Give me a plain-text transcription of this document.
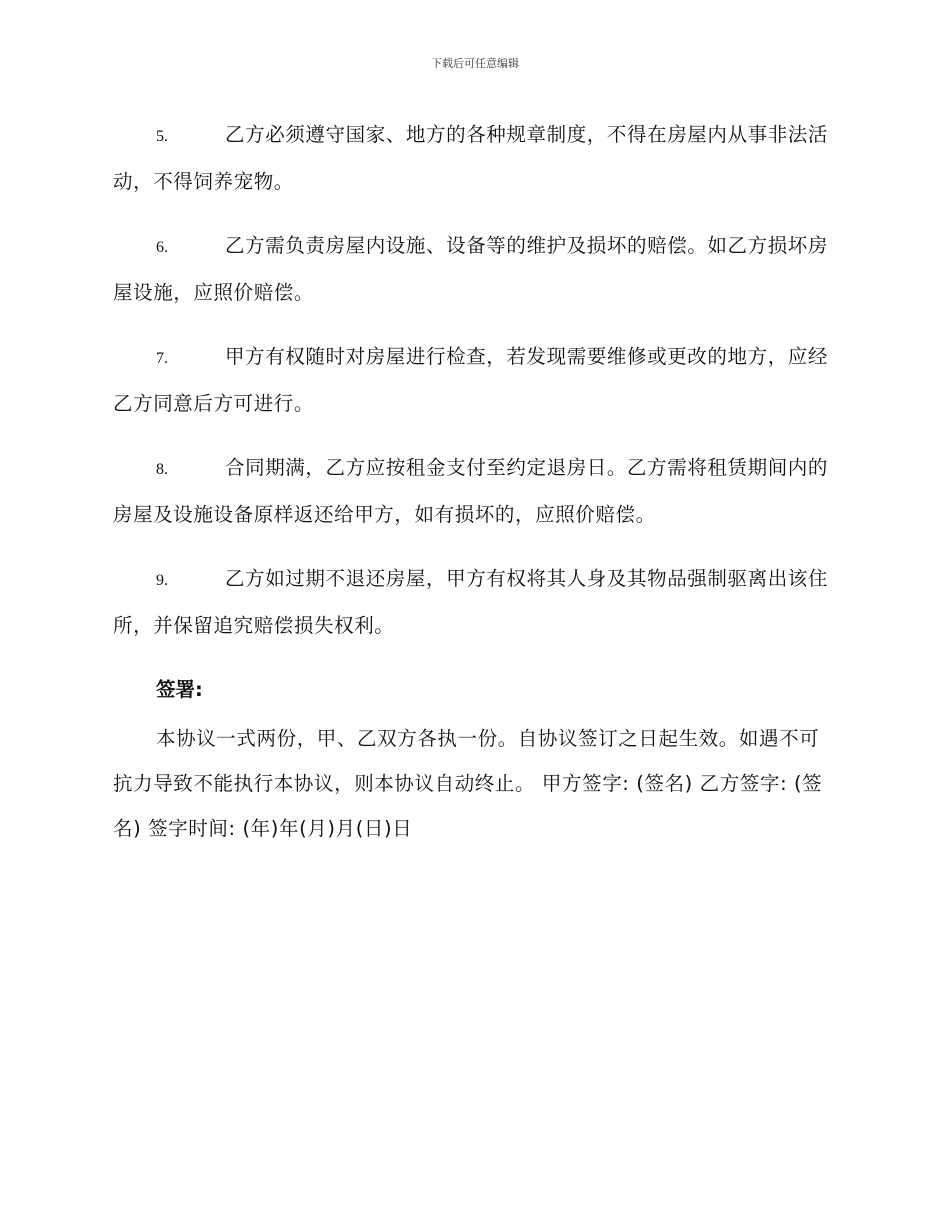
下载后可任意编辑

5.	乙方必须遵守国家、地方的各种规章制度，不得在房屋内从事非法活动，不得饲养宠物。

6.	乙方需负责房屋内设施、设备等的维护及损坏的赔偿。如乙方损坏房屋设施，应照价赔偿。

7.	甲方有权随时对房屋进行检查，若发现需要维修或更改的地方，应经乙方同意后方可进行。

8.	合同期满，乙方应按租金支付至约定退房日。乙方需将租赁期间内的房屋及设施设备原样返还给甲方，如有损坏的，应照价赔偿。

9.	乙方如过期不退还房屋，甲方有权将其人身及其物品强制驱离出该住所，并保留追究赔偿损失权利。

签署:

本协议一式两份，甲、乙双方各执一份。自协议签订之日起生效。如遇不可抗力导致不能执行本协议，则本协议自动终止。 甲方签字: (签名) 乙方签字: (签名) 签字时间: (年)年(月)月(日)日
